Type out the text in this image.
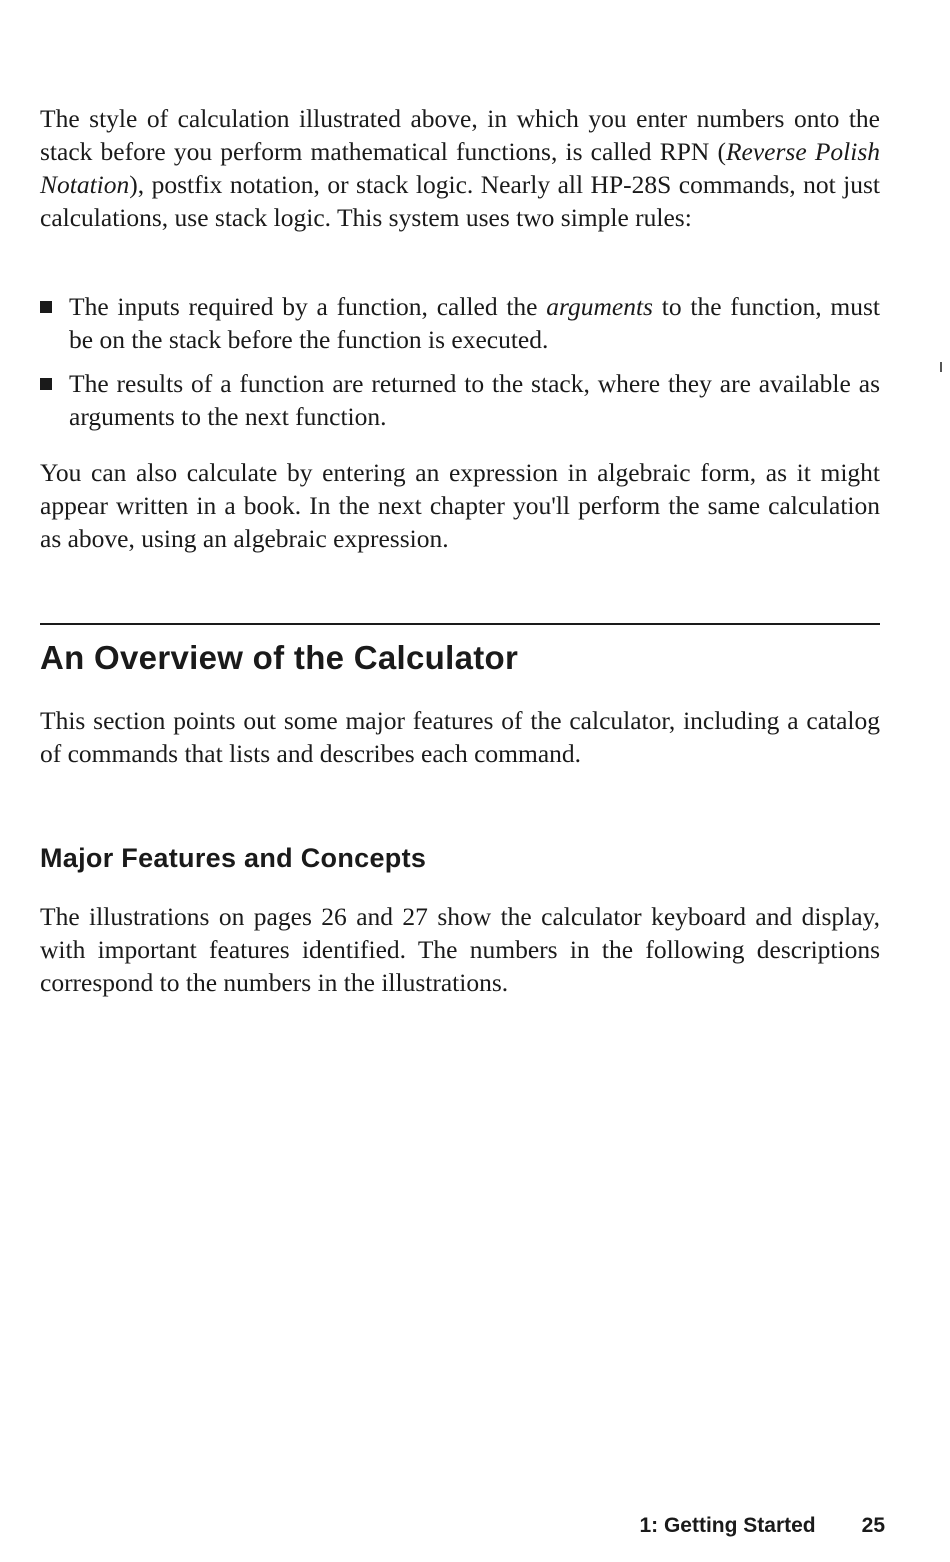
The style of calculation illustrated above, in which you enter numbers onto the stack before you perform mathematical functions, is called RPN (Reverse Polish Notation), postfix notation, or stack logic. Nearly all HP-28S commands, not just calculations, use stack logic. This system uses two simple rules:

The inputs required by a function, called the arguments to the function, must be on the stack before the function is executed.
The results of a function are returned to the stack, where they are available as arguments to the next function.

You can also calculate by entering an expression in algebraic form, as it might appear written in a book. In the next chapter you'll perform the same calculation as above, using an algebraic expression.

An Overview of the Calculator

This section points out some major features of the calculator, including a catalog of commands that lists and describes each command.

Major Features and Concepts

The illustrations on pages 26 and 27 show the calculator keyboard and display, with important features identified. The numbers in the following descriptions correspond to the numbers in the illustrations.

1: Getting Started 25
